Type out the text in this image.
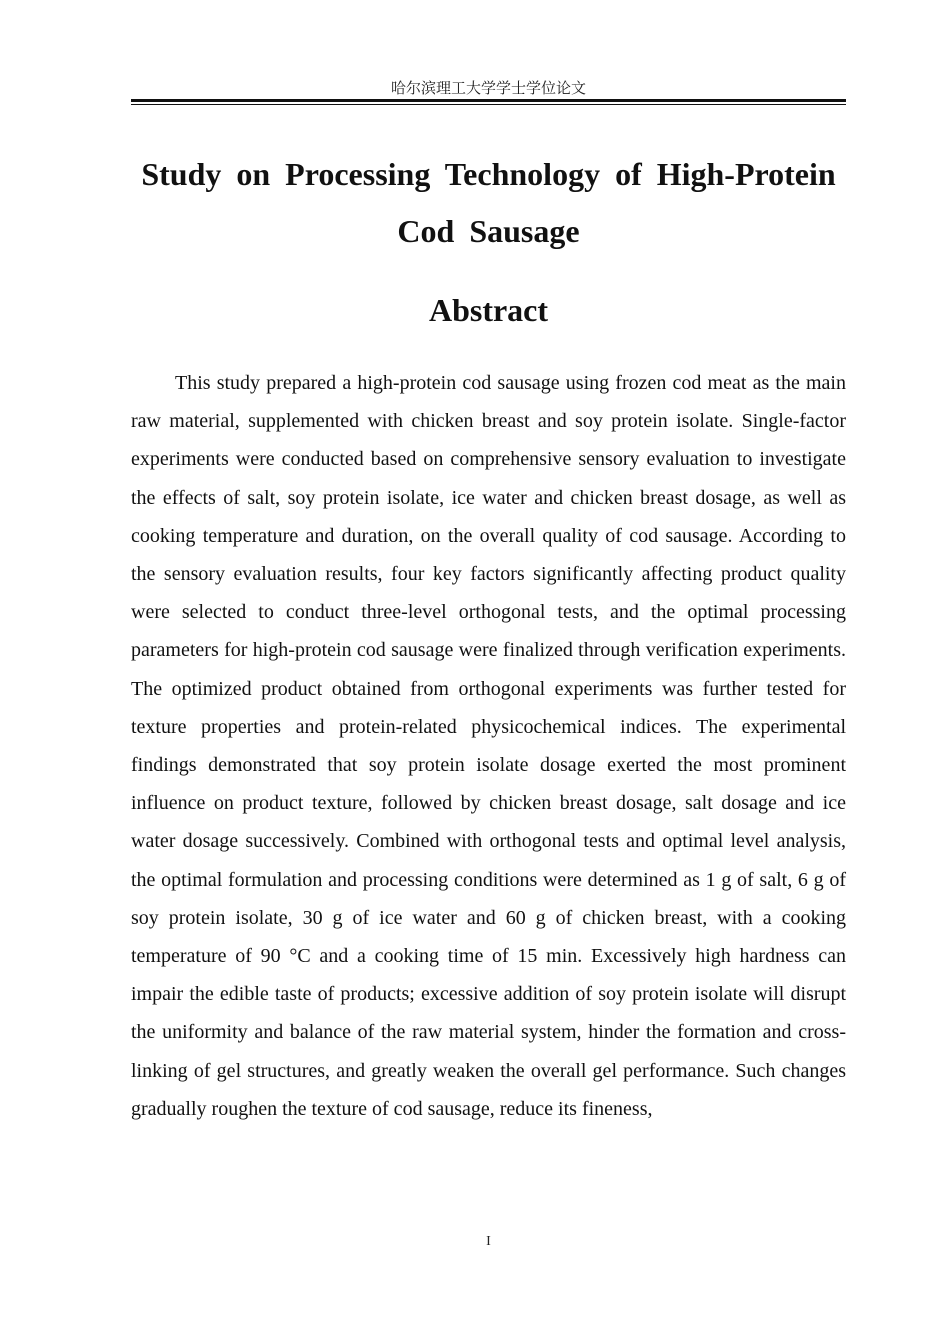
哈尔滨理工大学学士学位论文
Study on Processing Technology of High-Protein Cod Sausage
Abstract

This study prepared a high-protein cod sausage using frozen cod meat as the main raw material, supplemented with chicken breast and soy protein isolate. Single-factor experiments were conducted based on comprehensive sensory evaluation to investigate the effects of salt, soy protein isolate, ice water and chicken breast dosage, as well as cooking temperature and duration, on the overall quality of cod sausage. According to the sensory evaluation results, four key factors significantly affecting product quality were selected to conduct three-level orthogonal tests, and the optimal processing parameters for high-protein cod sausage were finalized through verification experiments. The optimized product obtained from orthogonal experiments was further tested for texture properties and protein-related physicochemical indices. The experimental findings demonstrated that soy protein isolate dosage exerted the most prominent influence on product texture, followed by chicken breast dosage, salt dosage and ice water dosage successively. Combined with orthogonal tests and optimal level analysis, the optimal formulation and processing conditions were determined as 1 g of salt, 6 g of soy protein isolate, 30 g of ice water and 60 g of chicken breast, with a cooking temperature of 90 °C and a cooking time of 15 min. Excessively high hardness can impair the edible taste of products; excessive addition of soy protein isolate will disrupt the uniformity and balance of the raw material system, hinder the formation and cross-linking of gel structures, and greatly weaken the overall gel performance. Such changes gradually roughen the texture of cod sausage, reduce its fineness,

I
